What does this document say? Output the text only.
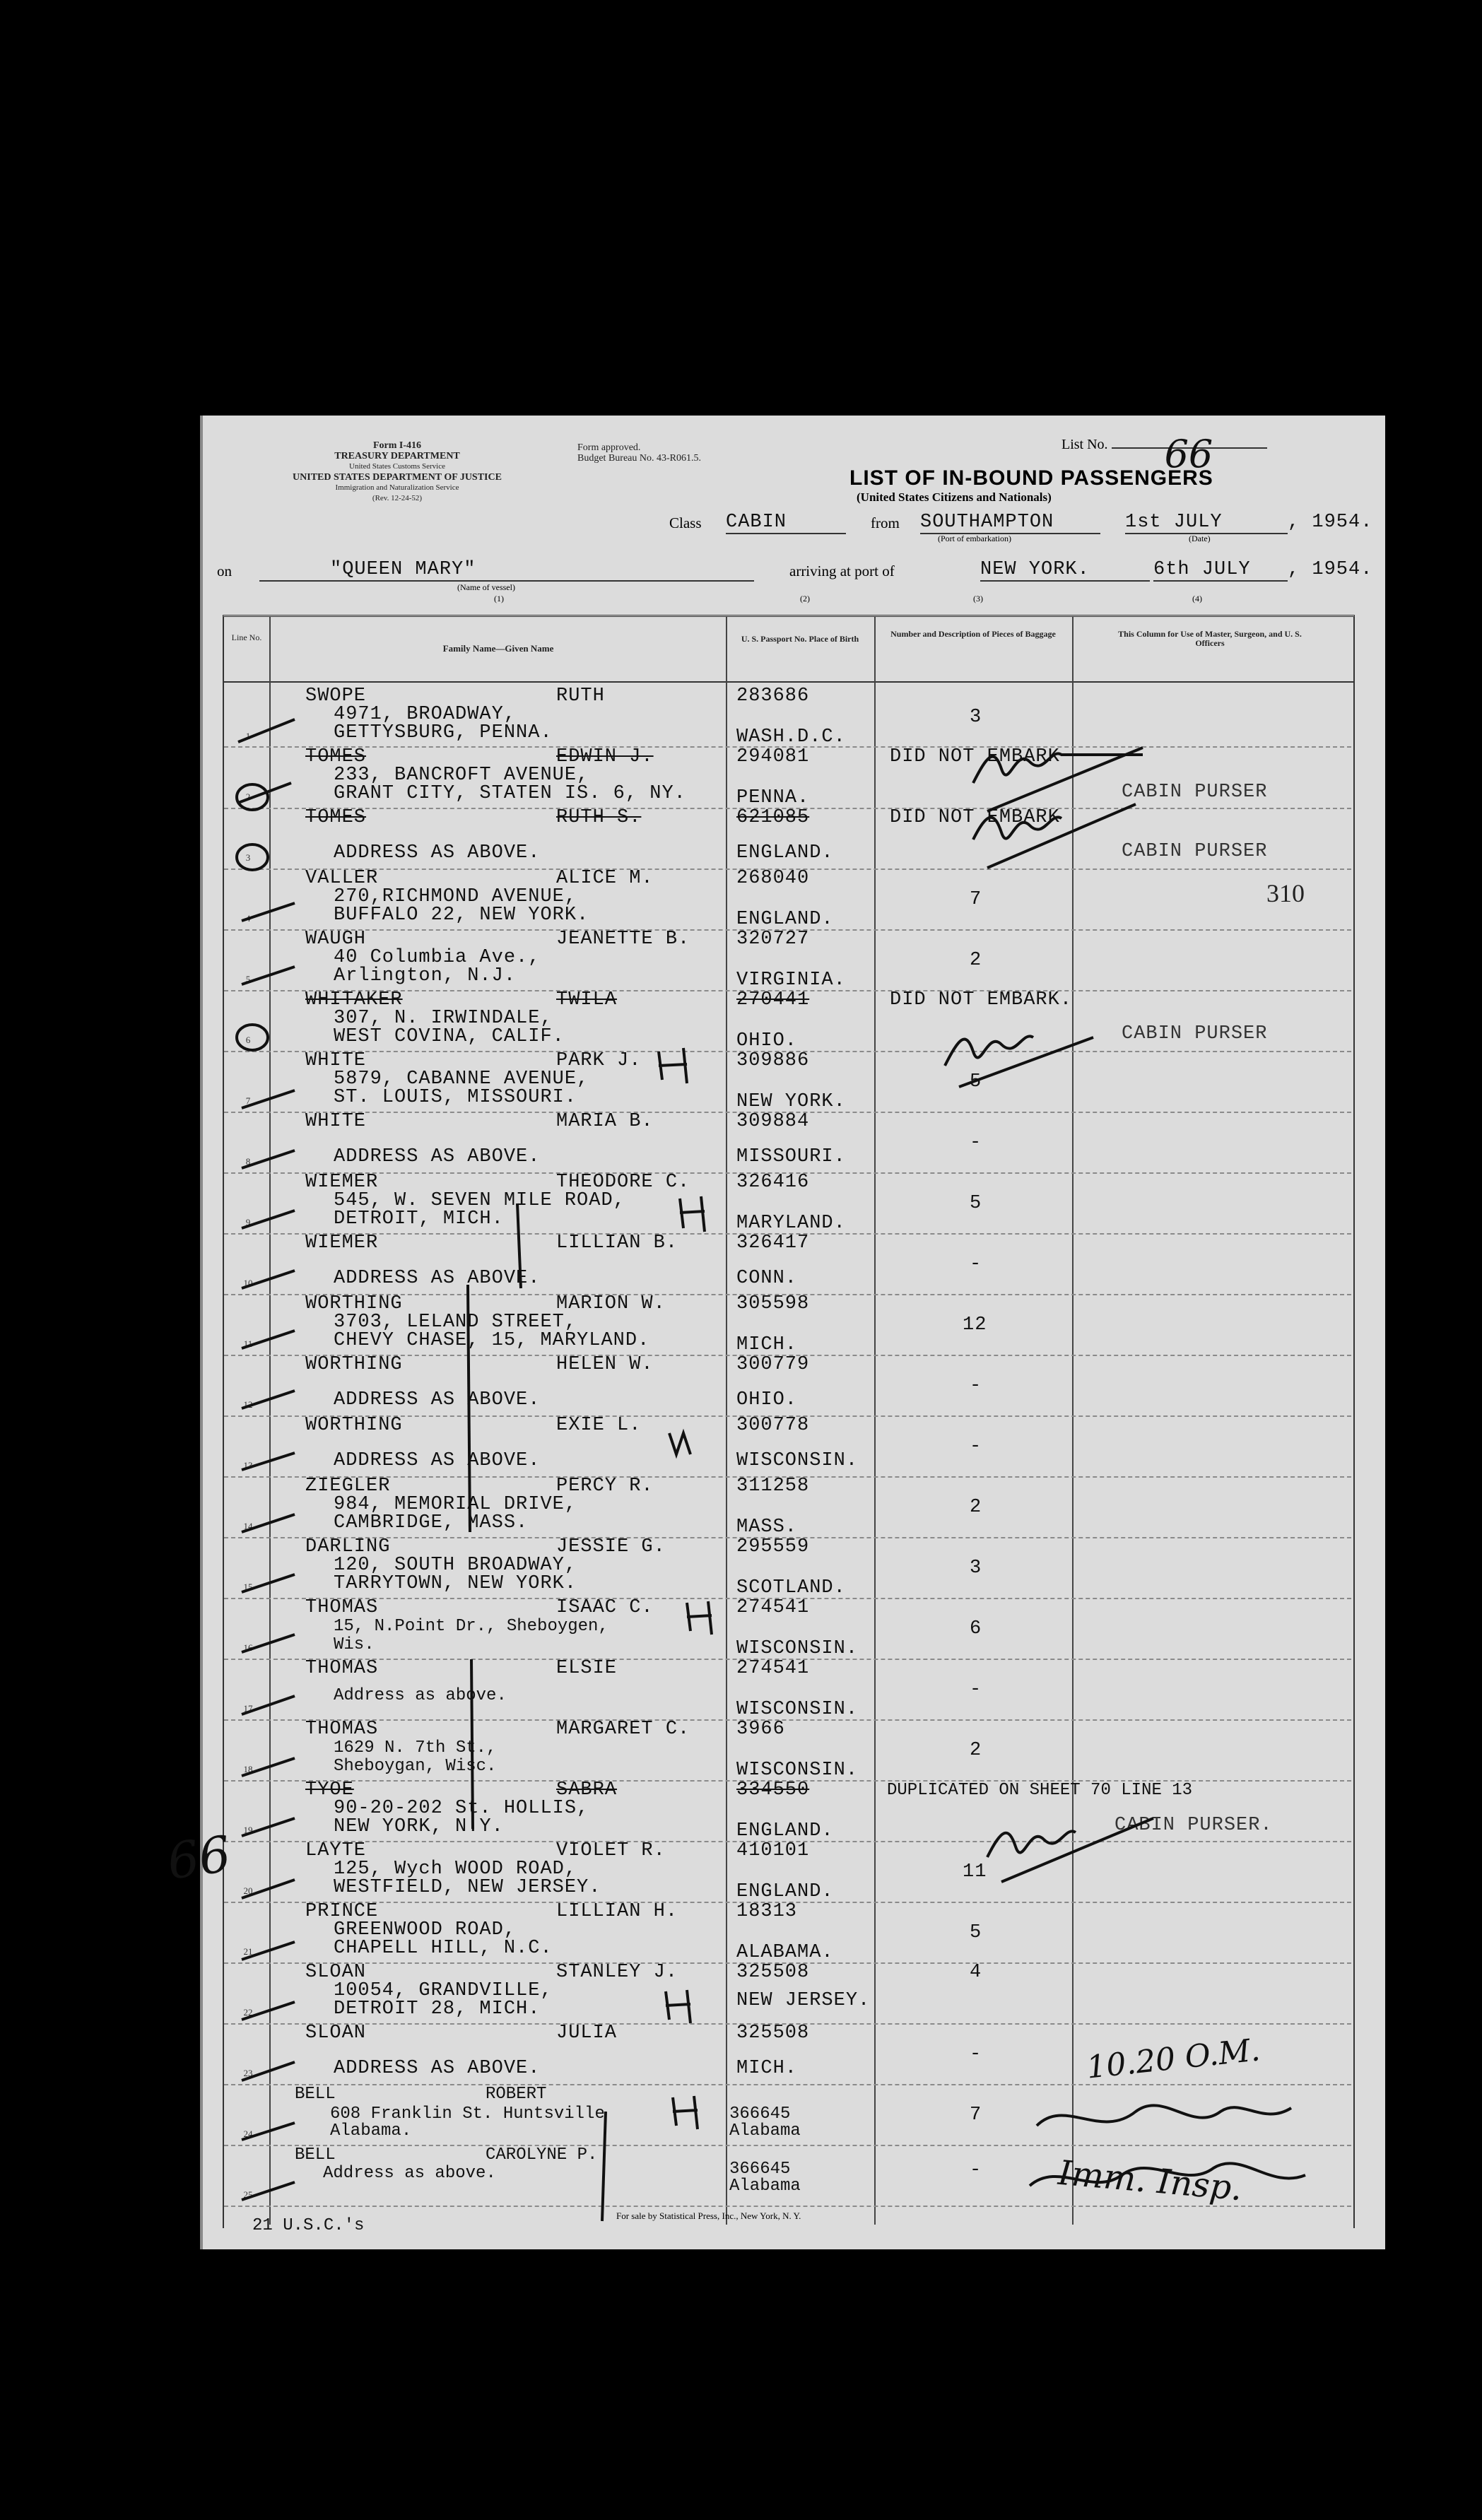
Form I-416
TREASURY DEPARTMENT
United States Customs Service
UNITED STATES DEPARTMENT OF JUSTICE
Immigration and Naturalization Service
(Rev. 12-24-52)
Form approved.
Budget Bureau No. 43-R061.5.
List No. 66
LIST OF IN-BOUND PASSENGERS
(United States Citizens and Nationals)
Class CABIN	from SOUTHAMPTON
(Port of embarkation)
1st JULY
(Date)
, 1954.
on	"QUEEN MARY"
(Name of vessel)
arriving at port of	NEW YORK.	6th JULY	, 1954.
(1)	(2)	(3)	(4)
Line No.
Family Name—Given Name
U. S. Passport No. Place of Birth	Number and Description of Pieces of Baggage	This Column for Use of Master, Surgeon, and U. S. Officers
1
SWOPE	RUTH
4971, BROADWAY,
GETTYSBURG, PENNA.
283686
WASH.D.C.
3
2
TOMES	EDWIN J.
233, BANCROFT AVENUE,
GRANT CITY, STATEN IS. 6, NY.
294081
PENNA.
DID NOT EMBARK
CABIN PURSER
3
TOMES	RUTH S.
ADDRESS AS ABOVE.
621085
ENGLAND.
DID NOT EMBARK
CABIN PURSER
4
VALLER	ALICE M.
270,RICHMOND AVENUE,
BUFFALO 22, NEW YORK.
268040
ENGLAND.
7
5
WAUGH	JEANETTE B.
40 Columbia Ave.,
Arlington, N.J.
320727
VIRGINIA.
2
6
WHITAKER	TWILA
307, N. IRWINDALE,
WEST COVINA, CALIF.
270441
OHIO.
DID NOT EMBARK.
CABIN PURSER
7
WHITE	PARK J.
5879, CABANNE AVENUE,
ST. LOUIS, MISSOURI.
309886
NEW YORK.
5
8
WHITE	MARIA B.
ADDRESS AS ABOVE.
309884
MISSOURI.
-
9
WIEMER	THEODORE C.
545, W. SEVEN MILE ROAD,
DETROIT, MICH.
326416
MARYLAND.
5
10
WIEMER	LILLIAN B.
ADDRESS AS ABOVE.
326417
CONN.
-
11
WORTHING	MARION W.
3703, LELAND STREET,
CHEVY CHASE, 15, MARYLAND.
305598
MICH.
12
12
WORTHING	HELEN W.
ADDRESS AS ABOVE.
300779
OHIO.
-
13
WORTHING	EXIE L.
ADDRESS AS ABOVE.
300778
WISCONSIN.
-
14
ZIEGLER	PERCY R.
984, MEMORIAL DRIVE,
CAMBRIDGE, MASS.
311258
MASS.
2
15
DARLING	JESSIE G.
120, SOUTH BROADWAY,
TARRYTOWN, NEW YORK.
295559
SCOTLAND.
3
16
THOMAS	ISAAC C.
15, N.Point Dr., Sheboygen,
Wis.
274541
WISCONSIN.
6
17
THOMAS	ELSIE
Address as above.
274541
WISCONSIN.
-
18
THOMAS	MARGARET C.
1629 N. 7th St.,
Sheboygan, Wisc.
3966
WISCONSIN.
2
19
TYOE	SABRA
90-20-202 St. HOLLIS,
NEW YORK, N.Y.
334550
ENGLAND.
DUPLICATED ON SHEET 70 LINE 13
CABIN PURSER.
20
LAYTE	VIOLET R.
125, Wych WOOD ROAD,
WESTFIELD, NEW JERSEY.
410101
ENGLAND.
11
21
PRINCE	LILLIAN H.
GREENWOOD ROAD,
CHAPELL HILL, N.C.
18313
ALABAMA.
5
22
SLOAN	STANLEY J.
10054, GRANDVILLE,
DETROIT 28, MICH.
325508
NEW JERSEY.
4
23
SLOAN	JULIA
ADDRESS AS ABOVE.
325508
MICH.
-
24
BELL	ROBERT
608 Franklin St. Huntsville
Alabama.
366645
Alabama
7
25
BELL	CAROLYNE P.
Address as above.	366645
Alabama
-
66
310
10.20 O.M.
Imm. Insp.
21 U.S.C.'s
For sale by Statistical Press, Inc., New York, N. Y.
